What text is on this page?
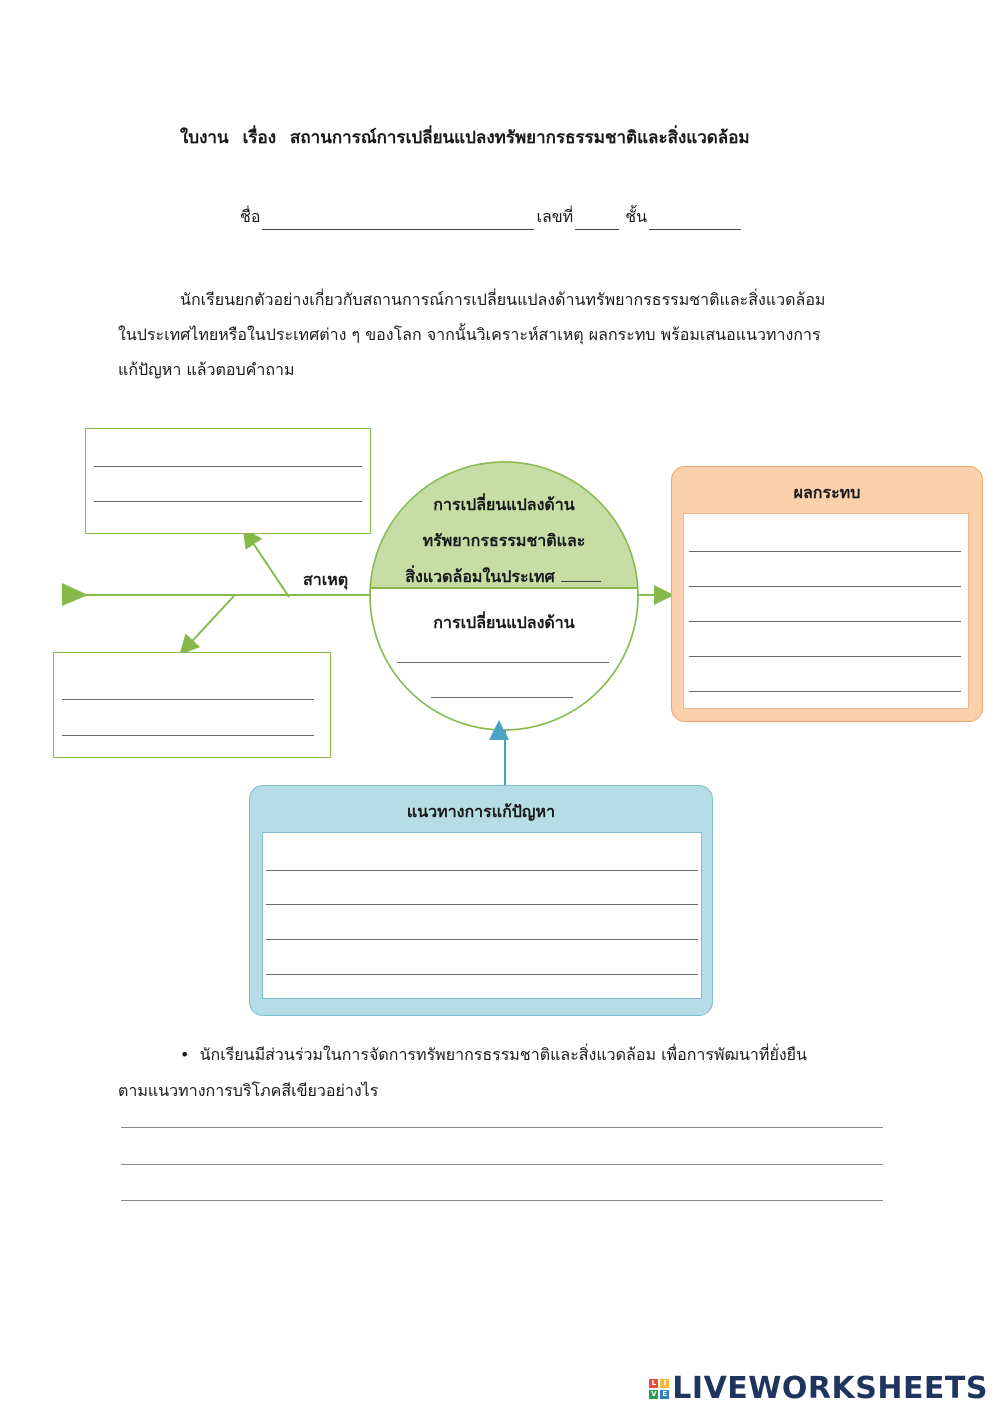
ใบงาน เรื่อง สถานการณ์การเปลี่ยนแปลงทรัพยากรธรรมชาติและสิ่งแวดล้อม
ชื่อ	เลขที่	ชั้น
นักเรียนยกตัวอย่างเกี่ยวกับสถานการณ์การเปลี่ยนแปลงด้านทรัพยากรธรรมชาติและสิ่งแวดล้อม
ในประเทศไทยหรือในประเทศต่าง ๆ ของโลก จากนั้นวิเคราะห์สาเหตุ ผลกระทบ พร้อมเสนอแนวทางการ
แก้ปัญหา แล้วตอบคำถาม
สาเหตุ
การเปลี่ยนแปลงด้าน
ทรัพยากรธรรมชาติและ
สิ่งแวดล้อมในประเทศ
การเปลี่ยนแปลงด้าน
ผลกระทบ
แนวทางการแก้ปัญหา
• นักเรียนมีส่วนร่วมในการจัดการทรัพยากรธรรมชาติและสิ่งแวดล้อม เพื่อการพัฒนาที่ยั่งยืน
ตามแนวทางการบริโภคสีเขียวอย่างไร
L	I
V E LIVEWORKSHEETS
